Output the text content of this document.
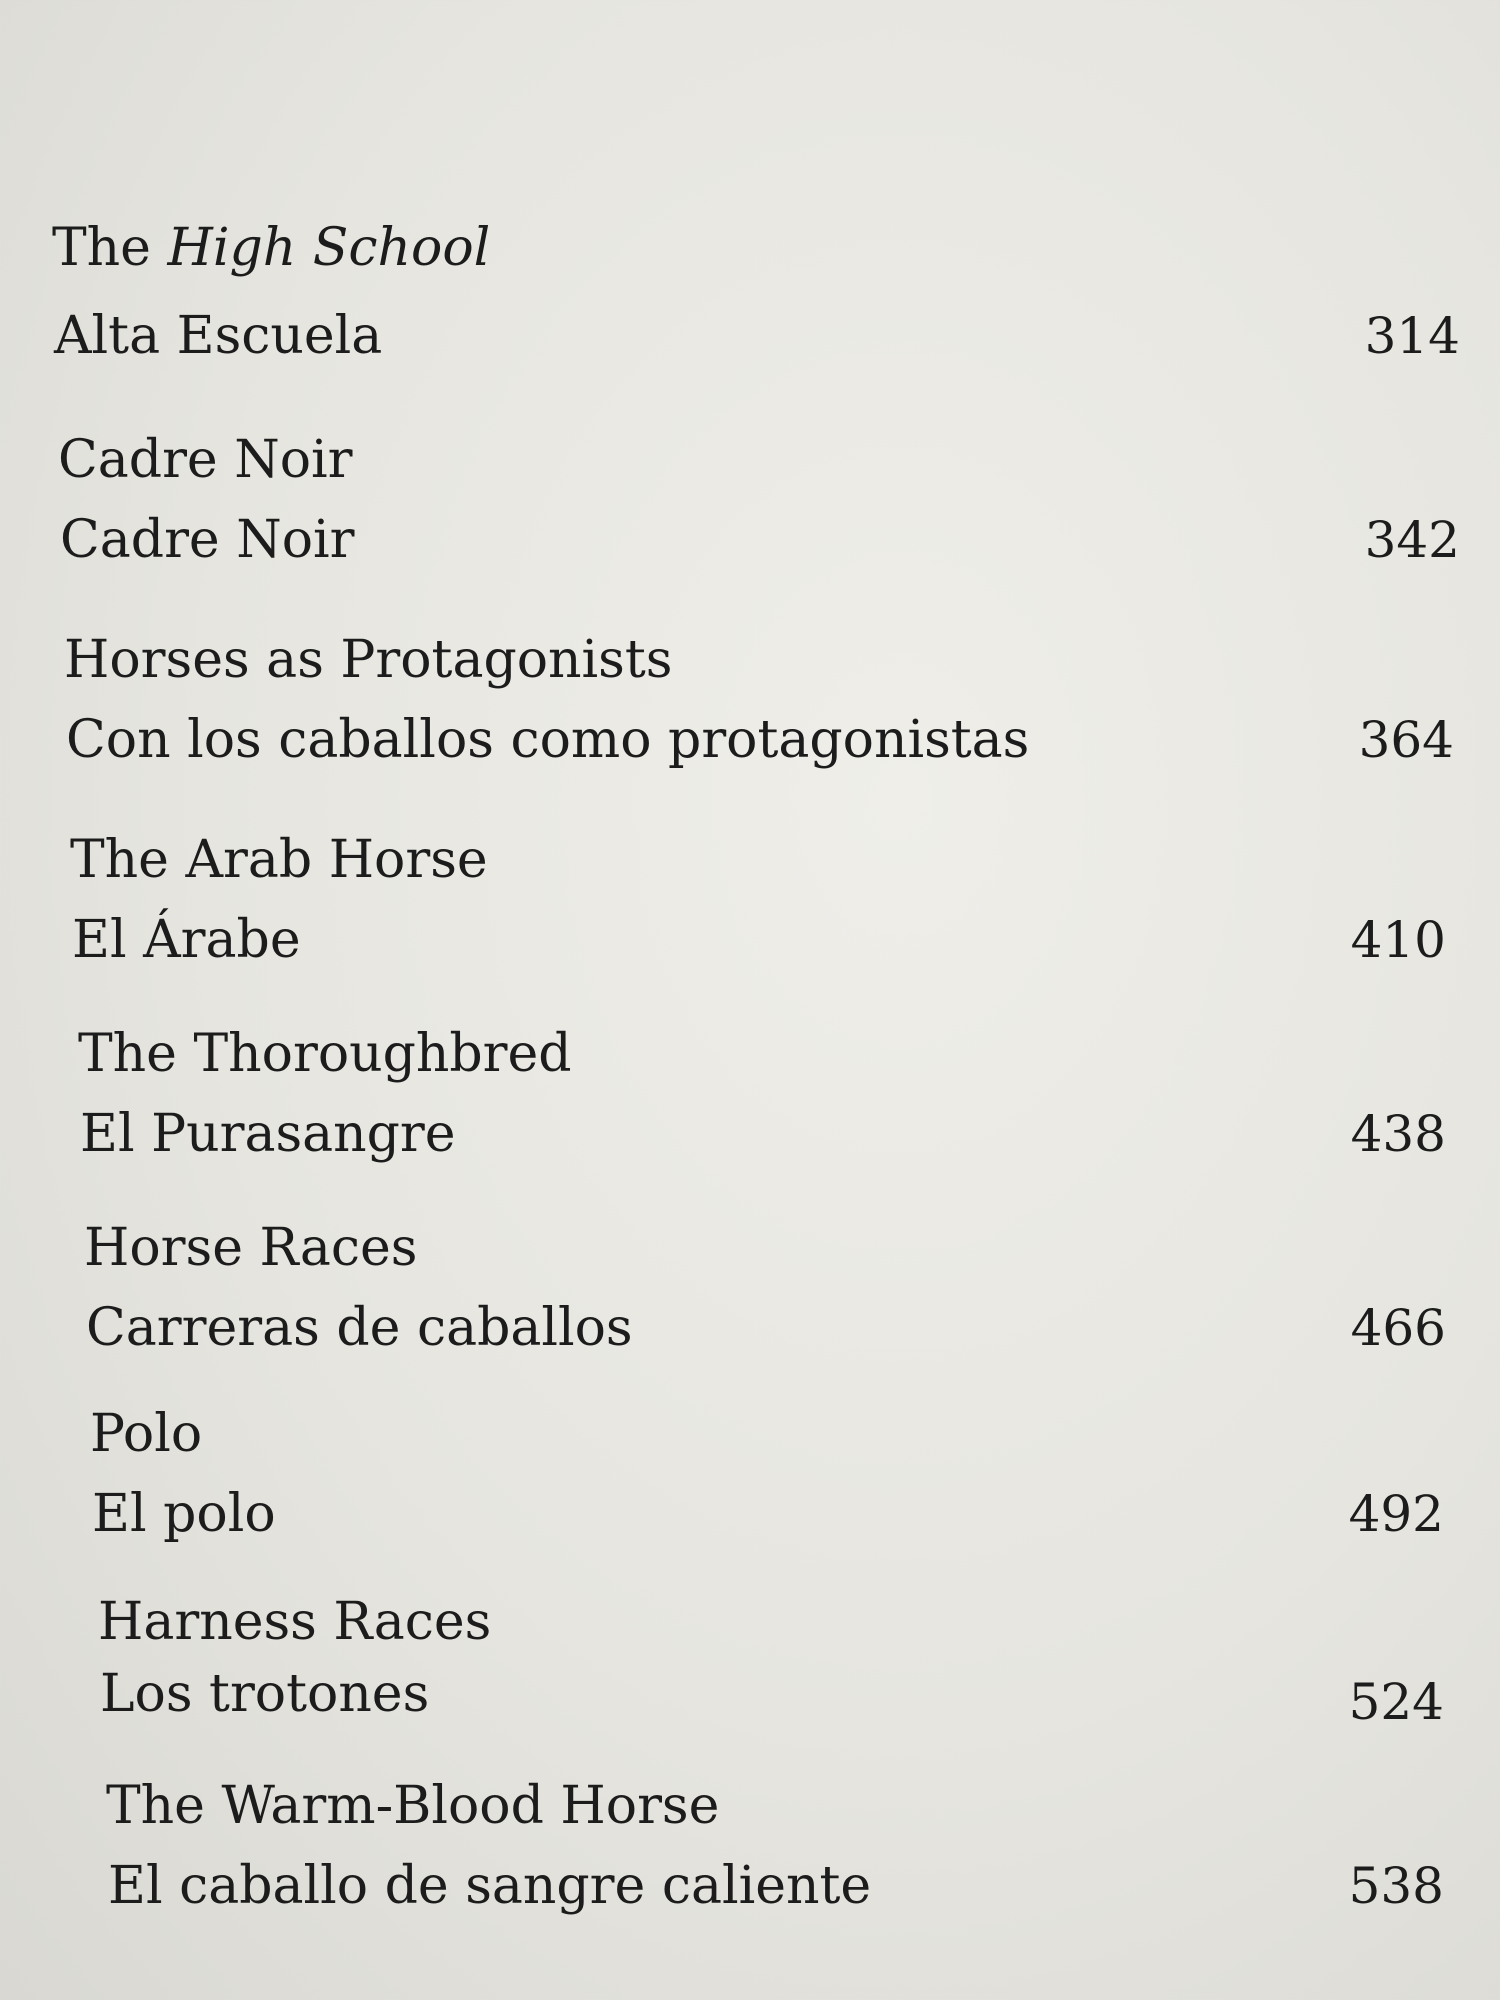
The High School
Alta Escuela	314
Cadre Noir
Cadre Noir	342
Horses as Protagonists
Con los caballos como protagonistas	364
The Arab Horse
El Árabe	410
The Thoroughbred
El Purasangre	438
Horse Races
Carreras de caballos	466
Polo
El polo	492
Harness Races
Los trotones	524
The Warm-Blood Horse
El caballo de sangre caliente	538
